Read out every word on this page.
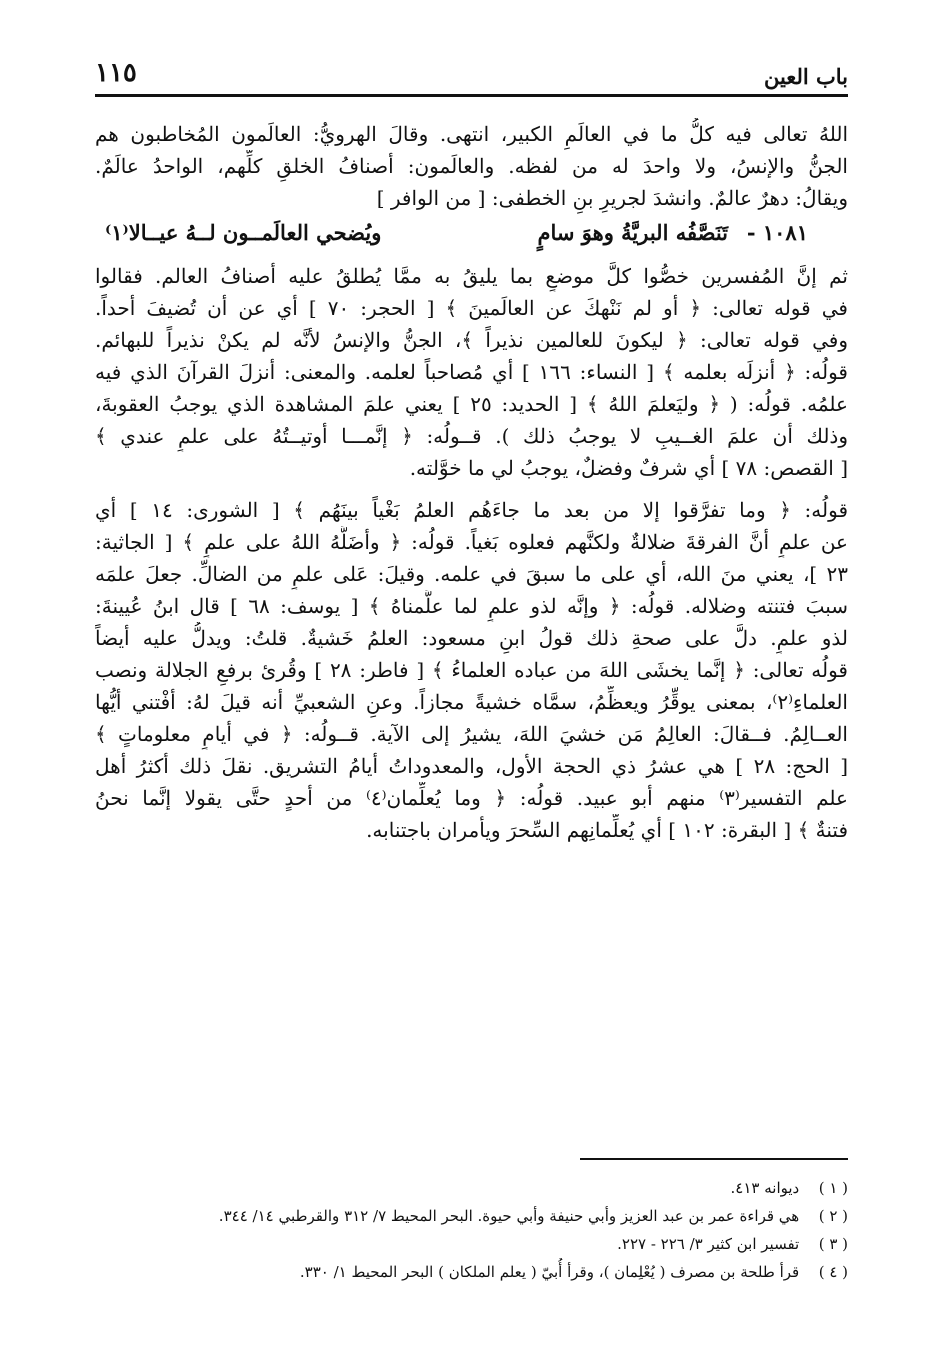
باب العين
١١٥
اللهُ تعالى فيه كلُّ ما في العالَمِ الكبير، انتهى. وقالَ الهرويُّ: العالَمون المُخاطبون هم
الجنُّ والإنسُ، ولا واحدَ له من لفظه. والعالَمون: أصنافُ الخلقِ كلِّهم، الواحدُ عالَمٌ.
ويقالُ: دهرٌ عالمٌ. وانشدَ لجريرِ بنِ الخطفى: [ من الوافر ]
١٠٨١ -
تَنَصَّفُه البريَّةُ وهوَ سامٍ
ويُضحي العالَمــون لــهُ عيــالا⁽١⁾
ثم إنَّ المُفسرين خصُّوا كلَّ موضعٍ بما يليقُ به ممَّا يُطلقُ عليه أصنافُ العالم. فقالوا
في قوله تعالى: ﴿ أو لم نَنْهكَ عن العالَمينَ ﴾ [ الحجر: ٧٠ ] أي عن أن تُضيفَ أحداً.
وفي قوله تعالى: ﴿ ليكونَ للعالمين نذيراً ﴾، الجنُّ والإنسُ لأنَّه لم يكنْ نذيراً للبهائم.
قولُه: ﴿ أنزلَه بعلمه ﴾ [ النساء: ١٦٦ ] أي مُصاحباً لعلمه. والمعنى: أنزلَ القرآنَ الذي فيه
علمُه. قولُه: ( ﴿ وليَعلمَ اللهُ ﴾ [ الحديد: ٢٥ ] يعني علمَ المشاهدة الذي يوجبُ العقوبةَ،
وذلك أن علمَ الغــيبِ لا يوجبُ ذلك ). قــولُه: ﴿ إنَّمـــا أوتيــتُهُ على علمٍ عندي ﴾
[ القصص: ٧٨ ] أي شرفٌ وفضلٌ، يوجبُ لي ما خوَّلته.
قولُه: ﴿ وما تفرَّقوا إلا من بعد ما جاءَهُم العلمُ بَغْياً بينَهُم ﴾ [ الشورى: ١٤ ] أي
عن علمٍ أنَّ الفرقةَ ضلالةٌ ولكنَّهم فعلوه بَغياً. قولُه: ﴿ وأضَلَّهُ اللهُ على علمٍ ﴾ [ الجاثية:
٢٣ ]، يعني منَ الله، أي على ما سبقَ في علمه. وقيلَ: عَلى علمٍ من الضالِّ. جعلَ علمَه
سببَ فتنته وضلاله. قولُه: ﴿ وإنَّه لذو علمٍ لما علَّمناهُ ﴾ [ يوسف: ٦٨ ] قال ابنُ عُيينةَ:
لذو علمٍ. دلَّ على صحةِ ذلك قولُ ابنِ مسعود: العلمُ خَشيةٌ. قلتُ: ويدلُّ عليه أيضاً
قولُه تعالى: ﴿ إنَّما يخشَى اللهَ من عباده العلماءُ ﴾ [ فاطر: ٢٨ ] وقُرئ برفعِ الجلالة ونصب
العلماءِ⁽٢⁾، بمعنى يوقِّرُ ويعظِّمُ، سمَّاه خشيةً مجازاً. وعنِ الشعبيِّ أنه قيلَ لهُ: أفْتني أيُّها
العــالِمُ. فــقالَ: العالِمُ مَن خشيَ اللهَ، يشيرُ إلى الآية. قــولُه: ﴿ في أيامٍ معلوماتٍ ﴾
[ الحج: ٢٨ ] هي عشرُ ذي الحجة الأول، والمعدوداتُ أيامُ التشريق. نقلَ ذلك أكثرُ أهل
علم التفسير⁽٣⁾ منهم أبو عبيد. قولُه: ﴿ وما يُعلِّمان⁽٤⁾ من أحدٍ حتَّى يقولا إنَّما نحنُ
فتنةٌ ﴾ [ البقرة: ١٠٢ ] أي يُعلِّمانِهم السِّحرَ ويأمران باجتنابه.
( ١ ) ديوانه ٤١٣.
( ٢ ) هي قراءة عمر بن عبد العزيز وأبي حنيفة وأبي حيوة. البحر المحيط ٧/ ٣١٢ والقرطبي ١٤/ ٣٤٤.
( ٣ ) تفسير ابن كثير ٣/ ٢٢٦ - ٢٢٧.
( ٤ ) قرأ طلحة بن مصرف ( يُعْلِمان )، وقرأ أُبيّ ( يعلم الملكان ) البحر المحيط ١/ ٣٣٠.
